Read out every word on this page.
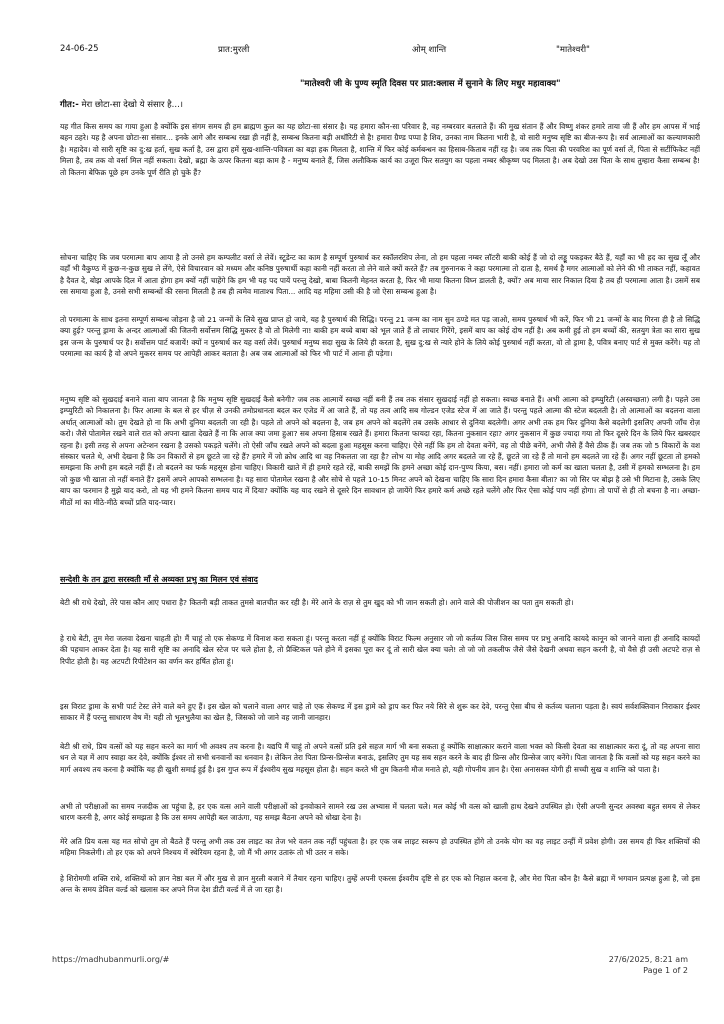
24-06-25	प्रात:मुरली	ओम् शान्ति	"मातेश्वरी"
"मातेश्वरी जी के पुण्य स्मृति दिवस पर प्रात:क्लास में सुनाने के लिए मधुर महावाक्य"
गीत:- मेरा छोटा-सा देखो ये संसार है...।

यह गीत किस समय का गाया हुआ है क्योंकि इस संगम समय ही हम ब्राह्मण कुल का यह छोटा-सा संसार है। यह हमारा कौन-सा परिवार है, वह नम्बरवार बतलाते हैं। की मुख संतान हैं और विष्णु शंकर हमारे ताया जी हैं और हम आपस में भाई बहन ठहरे। यह है अपना छोटा-सा संसार... इनके आगे और सम्बन्ध रखा ही नहीं है, सम्बन्ध कितना बड़ी अथॉरिटी से है! हमारा ग्रैण्ड पप्पा है शिव, उनका नाम कितना भारी है, वो सारी मनुष्य सृष्टि का बीज-रूप है। सर्व आत्माओं का कल्याणकारी है। महादेव। वो सारी सृष्टि का दु:ख हर्ता, सुख कर्ता है, उस द्वारा हमें सुख-शान्ति-पवित्रता का बड़ा हक मिलता है, शान्ति में फिर कोई कर्मबन्धन का हिसाब-किताब नहीं रह है। जब तक पिता की परवरिश का पूर्ण वर्सा लें, पिता से सर्टीफिकेट नहीं मिला है, तब तक वो वर्सा मिल नहीं सकता। देखो, ब्रह्मा के ऊपर कितना बड़ा काम है - मनुष्य बनाते हैं, जिस अलौकिक कार्य का उजूरा फिर सतयुग का पहला नम्बर श्रीकृष्ण पद मिलता है। अब देखो उस पिता के साथ तुम्हारा कैसा सम्बन्ध है! तो कितना बेफिक्र पूछे हम उनके पूर्ण रीति हो चुके हैं?

सोचना चाहिए कि जब परमात्मा बाप आया है तो उनसे हम कम्पलीट वर्सा ले लेवें। स्टूडेन्ट का काम है सम्पूर्ण पुरुषार्थ कर स्कॉलरशिप लेना, तो हम पहला नम्बर लॉटरी बाकी कोई हैं जो दो लड्डू पकड़कर बैठे हैं, यहाँ का भी हद का सुख लूँ और वहाँ भी वैकुण्ठ में कुछ-न-कुछ सुख ले लेंगे, ऐसे विचारवान को मध्यम और कनिष्ठ पुरुषार्थी कहा कानी नहीं करता तो लेने वाले क्यों करते हैं? तब गुरुनानक ने कहा परमात्मा तो दाता है, समर्थ है मगर आत्माओं को लेने की भी ताकत नहीं, कहावत है दैवत दे, बोझ आपके दिल में आता होगा हम क्यों नहीं चाहेंगे कि हम भी यह पद पायें परन्तु देखो, बाबा कितनी मेहनत करता है, फिर भी माया कितना विघ्न डालती है, क्यों? अब माया सार निकाल दिया है तब ही परमात्मा आता है। उसमें सब रस समाया हुआ है, उनसे सभी सम्बन्धों की रसना मिलती है तब ही त्वमेव माताश्च पिता... आदि यह महिमा उसी की है जो ऐसा सम्बन्ध हुआ है।

तो परमात्मा के साथ इतना सम्पूर्ण सम्बन्ध जोड़ना है जो 21 जन्मों के लिये सुख प्राप्त हो जाये, यह है पुरुषार्थ की सिद्धि। परन्तु 21 जन्म का नाम सुन ठण्डे मत पड़ जाओ, समय पुरुषार्थ भी करें, फिर भी 21 जन्मों के बाद गिरना ही है तो सिद्धि क्या हुई? परन्तु ड्रामा के अन्दर आत्माओं की जितनी सर्वोत्तम सिद्धि मुकरर है वो तो मिलेगी ना! बाकी हम बच्चे बाबा को भूल जाते हैं तो लाचार गिरेंगे, इसमें बाप का कोई दोष नहीं है। अब कमी हुई तो हम बच्चों की, सतयुग त्रेता का सारा सुख इस जन्म के पुरुषार्थ पर है। सर्वोत्तम पार्ट बजायें! क्यों न पुरुषार्थ कर यह वर्सा लेवें। पुरुषार्थ मनुष्य सदा सुख के लिये ही करता है, सुख दु:ख से न्यारे होने के लिये कोई पुरुषार्थ नहीं करता, वो तो ड्रामा है, पवित्र बनाए पार्ट से मुक्त करेंगे। यह तो परमात्मा का कार्य है वो अपने मुकरर समय पर आपेही आकर बताता है। अब जब आत्माओं को फिर भी पार्ट में आना ही पड़ेगा।

मनुष्य सृष्टि को सुखदाई बनाने वाला बाप जानता है कि मनुष्य सृष्टि सुखदाई कैसे बनेगी? जब तक आत्मायें स्वच्छ नहीं बनी हैं तब तक संसार सुखदाई नहीं हो सकता। स्वच्छ बनाते हैं। अभी आत्मा को इम्प्युरिटी (अस्वच्छता) लगी है। पहले उस इम्प्युरिटी को निकालना है। फिर आत्मा के बल से हर चीज़ से उनकी तमोप्रधानता बदल कर एजेड में आ जाते हैं, तो यह तत्व आदि सब गोल्डन एजेड स्टेज में आ जाते हैं। परन्तु पहले आत्मा की स्टेज बदलती है। तो आत्माओं का बदलना वाला अर्थात् आत्माओं को। तुम देखते हो ना कि अभी दुनिया बदलती जा रही है। पहले तो अपने को बदलना है, जब हम अपने को बदलेंगे तब उसके आधार से दुनिया बदलेगी। अगर अभी तक हम फिर दुनिया कैसे बदलेगी इसलिए अपनी जाँच रोज़ करो। जैसे पोतामेल रखने वाले रात को अपना खाता देखते हैं ना कि आज क्या जमा हुआ? सब अपना हिसाब रखते हैं। हमारा कितना फायदा रहा, कितना नुकसान रहा? अगर नुकसान में कुछ ज्यादा गया तो फिर दूसरे दिन के लिये फिर खबरदार रहना है। इसी तरह से अपना अटेन्शन रखना है उसको पकड़ते चलेंगे। तो ऐसी जाँच रखते अपने को बदला हुआ महसूस करना चाहिए। ऐसे नहीं कि हम तो देवता बनेंगे, वह तो पीछे बनेंगे, अभी जैसे हैं वैसे ठीक हैं। जब तक जो 5 विकारों के वश संस्कार चलते थे, अभी देखना है कि उन विकारों से हम छूटते जा रहे हैं? हमारे में जो क्रोध आदि था वह निकलता जा रहा है? लोभ या मोह आदि अगर बदलते जा रहे हैं, छूटते जा रहे हैं तो मानो हम बदलते जा रहे हैं। अगर नहीं छूटता तो हमको समझना कि अभी हम बदले नहीं हैं। तो बदलने का फर्क महसूस होना चाहिए। विकारी खाते में ही हमारे रहते रहें, बाकी समझें कि हमने अच्छा कोई दान-पुण्य किया, बस। नहीं। हमारा जो कर्म का खाता चलता है, उसी में हमको सम्भलना है। हम जो कुछ भी खाता तो नहीं बनाते हैं? इसमें अपने आपको सम्भलना है। यह सारा पोतामेल रखना है और सोचे से पहले 10-15 मिनट अपने को देखना चाहिए कि सारा दिन हमारा कैसा बीता? का जो सिर पर बोझ है उसे भी मिटाना है, उसके लिए बाप का फरमान है मुझे याद करो, तो यह भी हमने कितना समय याद में दिया? क्योंकि यह याद रखने से दूसरे दिन सावधान हो जायेंगे फिर हमारे कर्म अच्छे रहते चलेंगे और फिर ऐसा कोई पाप नहीं होगा। तो पापों से ही तो बचना है ना। अच्छा- मीठों मां का मीठे-मीठे बच्चों प्रति याद-प्यार।

सन्देशी के तन द्वारा सरस्वती माँ से अव्यक्त प्रभु का मिलन एवं संवाद

बेटी श्री राधे देखो, तेरे पास कौन आए पधारा है? कितनी बड़ी ताकत तुमसे बातचीत कर रही है। मेरे आने के राज़ से तुम खुद को भी जान सकती हो। आने वाले की पोजीशन का पता तुम सकती हो।

हे राधे बेटी, तुम मेरा जलवा देखना चाहती हो! मैं चाहूं तो एक सेकण्ड में विनाश करा सकता हूं। परन्तु करता नहीं हूं क्योंकि विराट फिल्म अनुसार जो जो कर्तव्य जिस जिस समय पर प्रभु अनादि कायदे कानून को जानने वाला ही अनादि कायदों की पहचान आकर देता है। यह सारी सृष्टि का अनादि खेल स्टेज पर चले होता है, तो प्रैक्टिकल पले होने में इसका पूरा कर दूं तो सारी खेल क्या चले! तो जो जो तकलीफ जैसे जैसे देखनी अथवा सहन करनी है, वो वैसे ही उसी अटपटे राज़ से रिपीट होती है। यह अटपटी रिपीटेशन का वर्णन कर हर्षित होता हूं।

इस विराट ड्रामा के सभी पार्ट टेस्ट लेने वाले बने हुए हैं। इस खेल को चलाने वाला अगर चाहे तो एक सेकण्ड में इस ड्रामे को ड्राप कर फिर नये सिरे से शुरू कर देवे, परन्तु ऐसा बीच से कर्तव्य चलाना पड़ता है। स्वयं सर्वशक्तिवान निराकार ईश्वर साकार में हैं परन्तु साधारण वेष में! यही तो भूलभुलैया का खेल है, जिसको जो जाने वह जानी जानहार।

बेटी श्री राधे, प्रिय वत्सों को यह सहन करने का मार्ग भी अवश्य तय करना है। यद्यपि मैं चाहूं तो अपने वत्सों प्रति इसे सहज मार्ग भी बना सकता हूं क्योंकि साक्षात्कार कराने वाला भक्त को किसी देवता का साक्षात्कार करा दूं, तो वह अपना सारा धन ले यज्ञ में आप स्वाहा कर देवे, क्योंकि ईश्वर तो सभी धनवानों का धनवान है। लेकिन तेरा पिता प्रिन्स-प्रिन्सेज बनाऊं, इसलिए तुम यह सब सहन करने के बाद ही प्रिन्स और प्रिन्सेज जाए बनेंगे। पिता जानता है कि वत्सों को यह सहन करने का मार्ग अवश्य तय करना है क्योंकि यह ही खुशी समाई हुई है। इस गुप्त रूप में ईश्वरीय सुख महसूस होता है। सहन करते भी तुम कितनी मौज मनाते हो, यही गोपनीय ज्ञान है। ऐसा अनासक्त योगी ही सच्ची सुख व शान्ति को पाता है।

अभी तो परीक्षाओं का समय नजदीक आ पहुंचा है, हर एक वत्स आने वाली परीक्षाओं को इनवोकाने सामने रख उस अभ्यास में चलता चले। मल कोई भी वत्स को खाली हाथ देखने उपस्थित हो। ऐसी अपनी सुन्दर अवस्था बहुत समय से लेकर धारण करनी है, अगर कोई समझता है कि उस समय आपेही बल जाऊंगा, यह समझ बैठना अपने को धोखा देना है।

मेरे अति प्रिय वत्स यह मत सोचो तुम तो बैठते हैं परन्तु अभी तक उस लाइट का तेज भरे वतन तक नहीं पहुंचता है। हर एक जब लाइट स्वरूप हो उपस्थित होंगे तो उनके योग का वह लाइट उन्हीं में प्रवेश होगी। उस समय ही फिर शक्तियों की महिमा निकलेगी। तो हर एक को अपने निश्चय में स्थेरियम रहना है, जो मैं भी अगर उतारूं तो भी उतर न सके।

हे शिरोमणी शक्ति राधे, शक्तियों को ज्ञान नेष्ठा बल में और मुख से ज्ञान मुरली बजाने में तैयार रहना चाहिए। तुम्हें अपनी एकरस ईश्वरीय दृष्टि से हर एक को निहाल करना है, और मेरा पिता कौन है! कैसे ब्रह्मा में भगवान प्रत्यक्ष हुआ है, जो इस अन्त के समय डेविल वर्ल्ड को खलास कर अपने निज देश डीटी वर्ल्ड में ले जा रहा है।

https://madhubanmurli.org/#	27/6/2025, 8:21 am
Page 1 of 2
